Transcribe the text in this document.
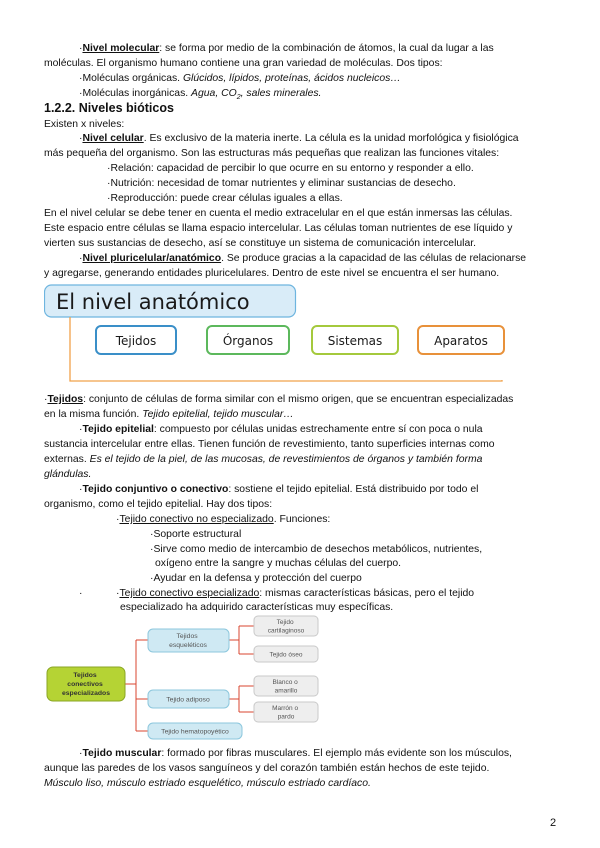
·Nivel molecular: se forma por medio de la combinación de átomos, la cual da lugar a las
moléculas. El organismo humano contiene una gran variedad de moléculas. Dos tipos:
·Moléculas orgánicas. Glúcidos, lípidos, proteínas, ácidos nucleicos…
·Moléculas inorgánicas. Agua, $CO_2$, sales minerales.
1.2.2. Niveles bióticos
Existen x niveles:
·Nivel celular. Es exclusivo de la materia inerte. La célula es la unidad morfológica y fisiológica
más pequeña del organismo. Son las estructuras más pequeñas que realizan las funciones vitales:
·Relación: capacidad de percibir lo que ocurre en su entorno y responder a ello.
·Nutrición: necesidad de tomar nutrientes y eliminar sustancias de desecho.
·Reproducción: puede crear células iguales a ellas.
En el nivel celular se debe tener en cuenta el medio extracelular en el que están inmersas las células.
Este espacio entre células se llama espacio intercelular. Las células toman nutrientes de ese líquido y
vierten sus sustancias de desecho, así se constituye un sistema de comunicación intercelular.
·Nivel pluricelular/anatómico. Se produce gracias a la capacidad de las células de relacionarse
y agregarse, generando entidades pluricelulares. Dentro de este nivel se encuentra el ser humano.
El nivel anatómico
Tejidos	Órganos	Sistemas	Aparatos
·Tejidos: conjunto de células de forma similar con el mismo origen, que se encuentran especializadas
en la misma función. Tejido epitelial, tejido muscular…
·Tejido epitelial: compuesto por células unidas estrechamente entre sí con poca o nula
sustancia intercelular entre ellas. Tienen función de revestimiento, tanto superficies internas como
externas. Es el tejido de la piel, de las mucosas, de revestimientos de órganos y también forma
glándulas.
·Tejido conjuntivo o conectivo: sostiene el tejido epitelial. Está distribuido por todo el
organismo, como el tejido epitelial. Hay dos tipos:
·Tejido conectivo no especializado. Funciones:
·Soporte estructural
·Sirve como medio de intercambio de desechos metabólicos, nutrientes,
oxígeno entre la sangre y muchas células del cuerpo.
·Ayudar en la defensa y protección del cuerpo
·	·Tejido conectivo especializado: mismas características básicas, pero el tejido
especializado ha adquirido características muy específicas.
Tejidos conectivos especializados
Tejidos esqueléticos
Tejido adiposo
Tejido hematopoyético
Tejido cartilaginoso
Tejido óseo
Blanco o amarillo
Marrón o pardo
·Tejido muscular: formado por fibras musculares. El ejemplo más evidente son los músculos,
aunque las paredes de los vasos sanguíneos y del corazón también están hechos de este tejido.
Músculo liso, músculo estriado esquelético, músculo estriado cardíaco.
2
